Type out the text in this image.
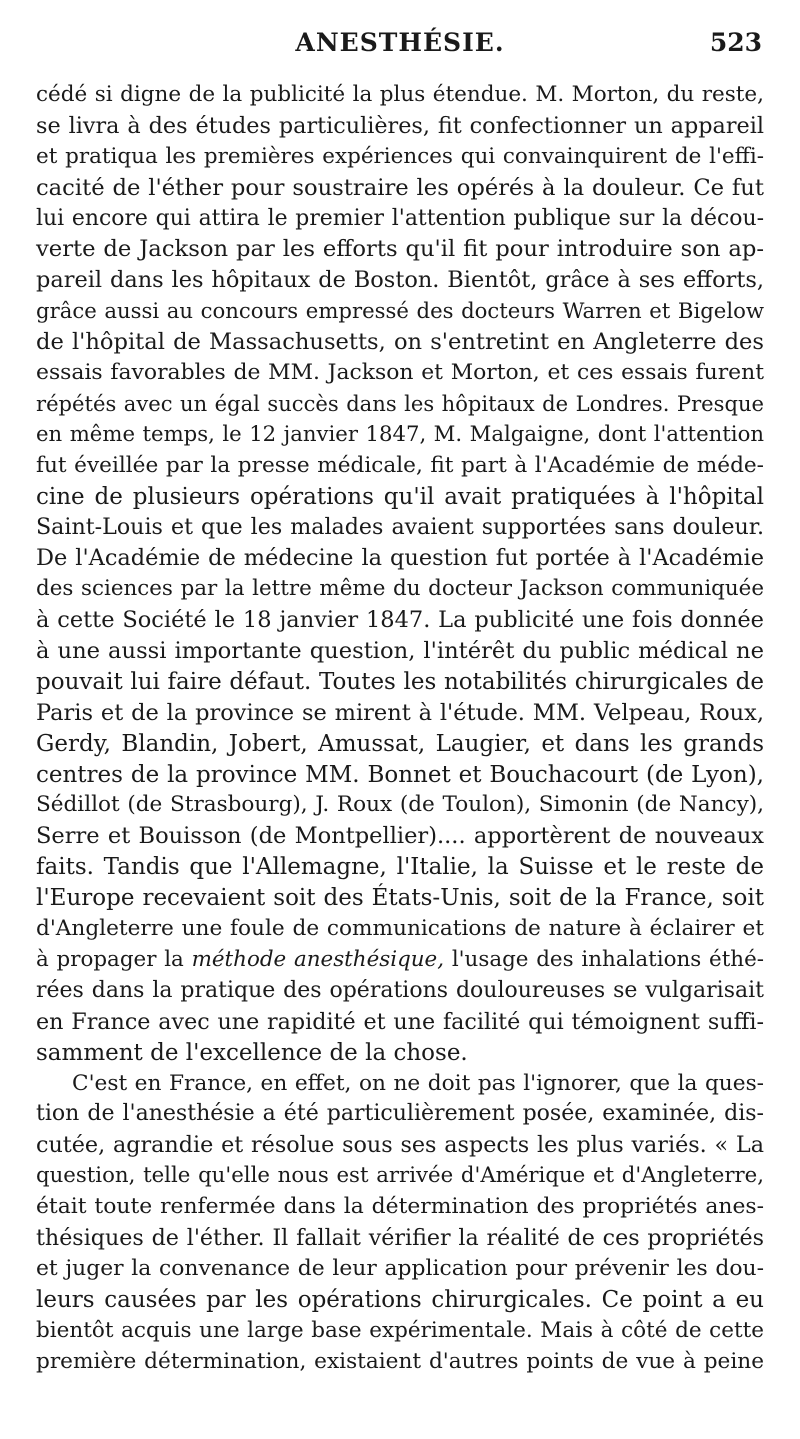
ANESTHÉSIE.	523
cédé si digne de la publicité la plus étendue. M. Morton, du reste,
se livra à des études particulières, fit confectionner un appareil
et pratiqua les premières expériences qui convainquirent de l'effi-
cacité de l'éther pour soustraire les opérés à la douleur. Ce fut
lui encore qui attira le premier l'attention publique sur la décou-
verte de Jackson par les efforts qu'il fit pour introduire son ap-
pareil dans les hôpitaux de Boston. Bientôt, grâce à ses efforts,
grâce aussi au concours empressé des docteurs Warren et Bigelow
de l'hôpital de Massachusetts, on s'entretint en Angleterre des
essais favorables de MM. Jackson et Morton, et ces essais furent
répétés avec un égal succès dans les hôpitaux de Londres. Presque
en même temps, le 12 janvier 1847, M. Malgaigne, dont l'attention
fut éveillée par la presse médicale, fit part à l'Académie de méde-
cine de plusieurs opérations qu'il avait pratiquées à l'hôpital
Saint-Louis et que les malades avaient supportées sans douleur.
De l'Académie de médecine la question fut portée à l'Académie
des sciences par la lettre même du docteur Jackson communiquée
à cette Société le 18 janvier 1847. La publicité une fois donnée
à une aussi importante question, l'intérêt du public médical ne
pouvait lui faire défaut. Toutes les notabilités chirurgicales de
Paris et de la province se mirent à l'étude. MM. Velpeau, Roux,
Gerdy, Blandin, Jobert, Amussat, Laugier, et dans les grands
centres de la province MM. Bonnet et Bouchacourt (de Lyon),
Sédillot (de Strasbourg), J. Roux (de Toulon), Simonin (de Nancy),
Serre et Bouisson (de Montpellier).... apportèrent de nouveaux
faits. Tandis que l'Allemagne, l'Italie, la Suisse et le reste de
l'Europe recevaient soit des États-Unis, soit de la France, soit
d'Angleterre une foule de communications de nature à éclairer et
à propager la méthode anesthésique, l'usage des inhalations éthé-
rées dans la pratique des opérations douloureuses se vulgarisait
en France avec une rapidité et une facilité qui témoignent suffi-
samment de l'excellence de la chose.
C'est en France, en effet, on ne doit pas l'ignorer, que la ques-
tion de l'anesthésie a été particulièrement posée, examinée, dis-
cutée, agrandie et résolue sous ses aspects les plus variés. « La
question, telle qu'elle nous est arrivée d'Amérique et d'Angleterre,
était toute renfermée dans la détermination des propriétés anes-
thésiques de l'éther. Il fallait vérifier la réalité de ces propriétés
et juger la convenance de leur application pour prévenir les dou-
leurs causées par les opérations chirurgicales. Ce point a eu
bientôt acquis une large base expérimentale. Mais à côté de cette
première détermination, existaient d'autres points de vue à peine
